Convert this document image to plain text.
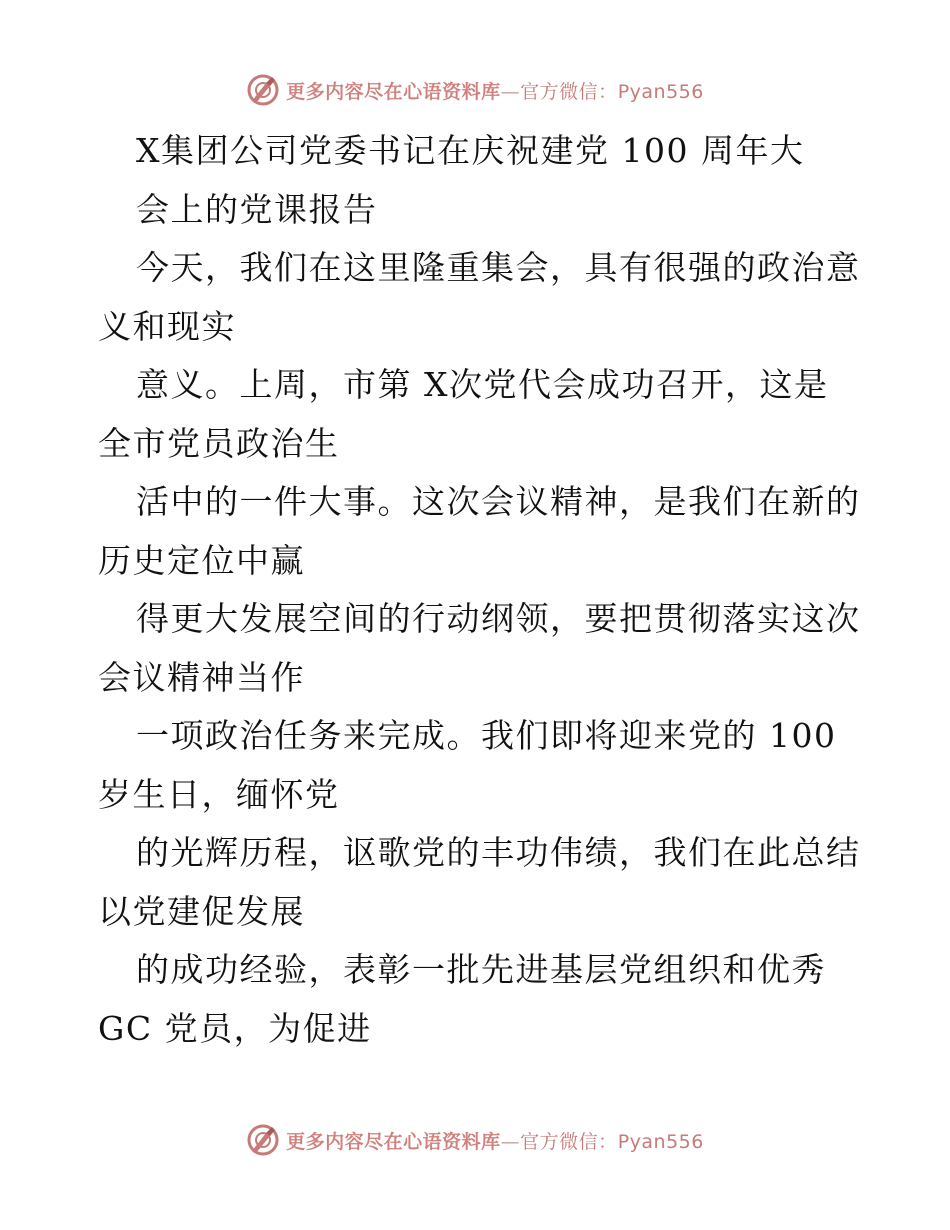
更多内容尽在心语资料库—官方微信：Pyan556
X集团公司党委书记在庆祝建党 100 周年大
会上的党课报告
今天，我们在这里隆重集会，具有很强的政治意
义和现实
意义。上周，市第 X次党代会成功召开，这是
全市党员政治生
活中的一件大事。这次会议精神，是我们在新的
历史定位中赢
得更大发展空间的行动纲领，要把贯彻落实这次
会议精神当作
一项政治任务来完成。我们即将迎来党的 100
岁生日，缅怀党
的光辉历程，讴歌党的丰功伟绩，我们在此总结
以党建促发展
的成功经验，表彰一批先进基层党组织和优秀
GC 党员，为促进
更多内容尽在心语资料库—官方微信：Pyan556
